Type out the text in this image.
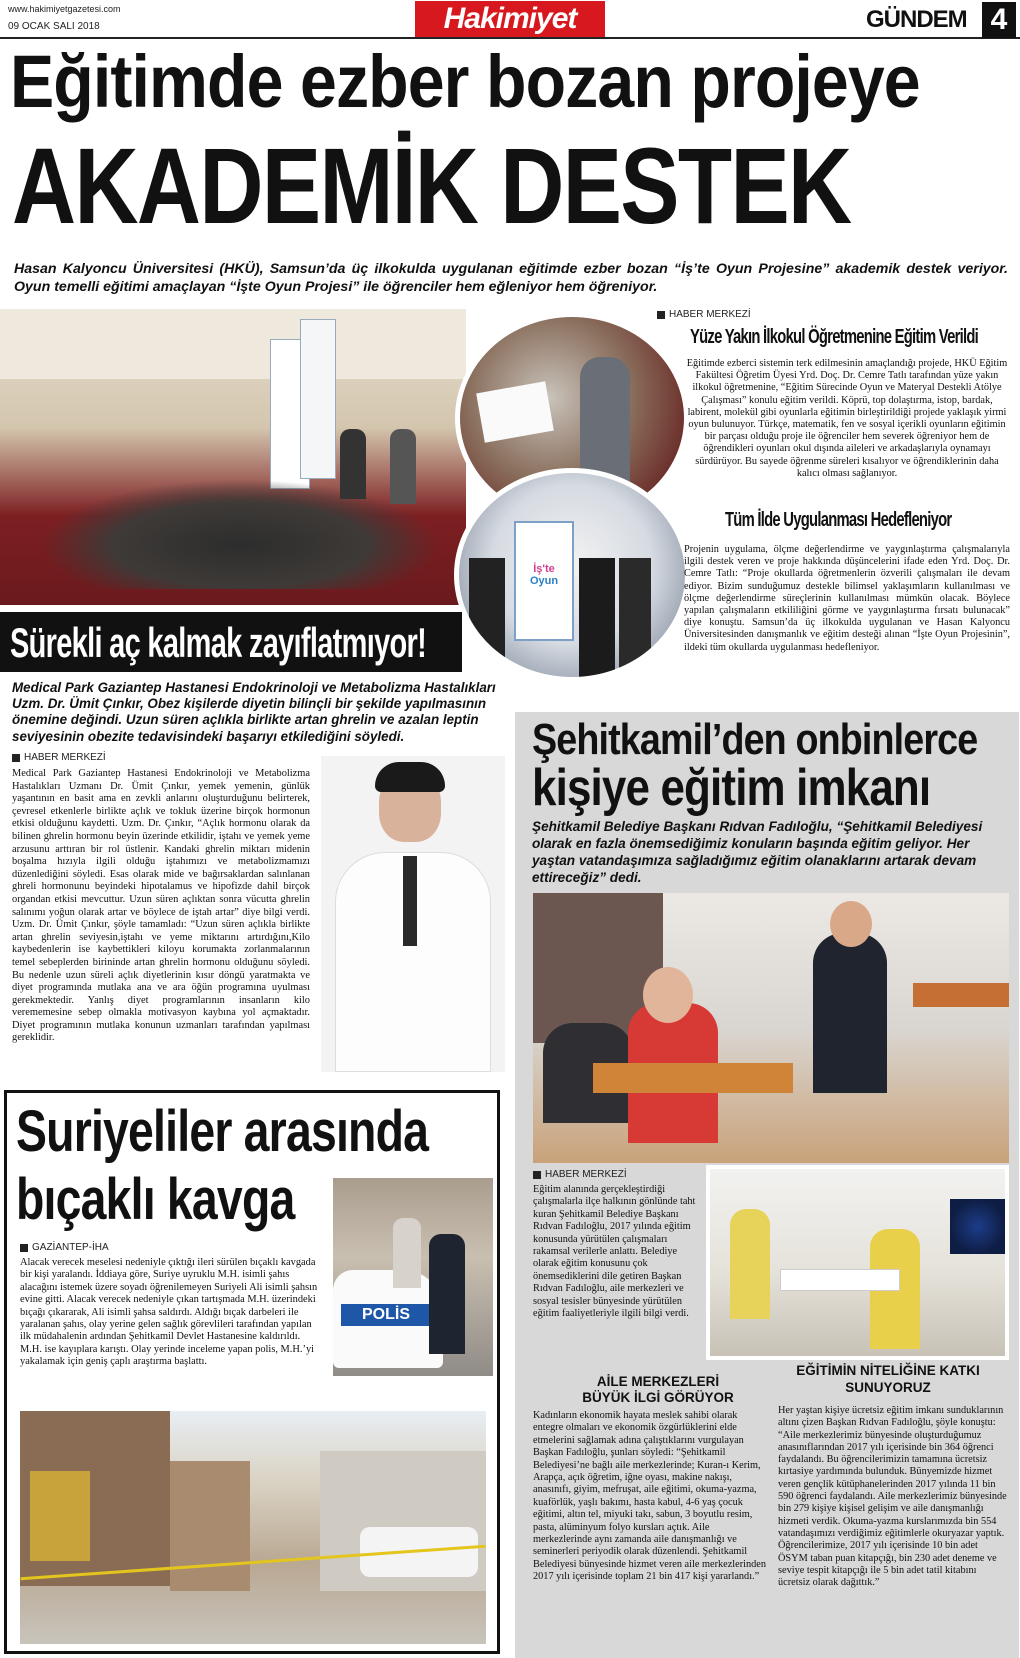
www.hakimiyetgazetesi.com
09 OCAK SALI 2018	Hakimiyet	GÜNDEM 4
Eğitimde ezber bozan projeye
AKADEMİK DESTEK
Hasan Kalyoncu Üniversitesi (HKÜ), Samsun’da üç ilkokulda uygulanan eğitimde ezber bozan “İş’te Oyun Projesine” akademik destek veriyor. Oyun temelli eğitimi amaçlayan “İşte Oyun Projesi” ile öğrenciler hem eğleniyor hem öğreniyor.
İş'te
Oyun
HABER MERKEZİ
Yüze Yakın İlkokul Öğretmenine Eğitim Verildi
Eğitimde ezberci sistemin terk edilmesinin amaçlandığı projede, HKÜ Eğitim Fakültesi Öğretim Üyesi Yrd. Doç. Dr. Cemre Tatlı tarafından yüze yakın ilkokul öğretmenine, “Eğitim Sürecinde Oyun ve Materyal Destekli Atölye Çalışması” konulu eğitim verildi. Köprü, top dolaştırma, istop, bardak, labirent, molekül gibi oyunlarla eğitimin birleştirildiği projede yaklaşık yirmi oyun bulunuyor. Türkçe, matematik, fen ve sosyal içerikli oyunların eğitimin bir parçası olduğu proje ile öğrenciler hem severek öğreniyor hem de öğrendikleri oyunları okul dışında aileleri ve arkadaşlarıyla oynamayı sürdürüyor. Bu sayede öğrenme süreleri kısalıyor ve öğrendiklerinin daha kalıcı olması sağlanıyor.
Tüm İlde Uygulanması Hedefleniyor
Projenin uygulama, ölçme değerlendirme ve yaygınlaştırma çalışmalarıyla ilgili destek veren ve proje hakkında düşüncelerini ifade eden Yrd. Doç. Dr. Cemre Tatlı: “Proje okullarda öğretmenlerin özverili çalışmaları ile devam ediyor. Bizim sunduğumuz destekle bilimsel yaklaşımların kullanılması ve ölçme değerlendirme süreçlerinin kullanılması mümkün olacak. Böylece yapılan çalışmaların etkililiğini görme ve yaygınlaştırma fırsatı bulunacak” diye konuştu. Samsun’da üç ilkokulda uygulanan ve Hasan Kalyoncu Üniversitesinden danışmanlık ve eğitim desteği alınan “İşte Oyun Projesinin”, ildeki tüm okullarda uygulanması hedefleniyor.
Sürekli aç kalmak zayıflatmıyor!
Medical Park Gaziantep Hastanesi Endokrinoloji ve Metabolizma Hastalıkları Uzm. Dr. Ümit Çınkır, Obez kişilerde diyetin bilinçli bir şekilde yapılmasının önemine değindi. Uzun süren açlıkla birlikte artan ghrelin ve azalan leptin seviyesinin obezite tedavisindeki başarıyı etkilediğini söyledi.
HABER MERKEZİ
Medical Park Gaziantep Hastanesi Endokrinoloji ve Metabolizma Hastalıkları Uzmanı Dr. Ümit Çınkır, yemek yemenin, günlük yaşantının en basit ama en zevkli anlarını oluşturduğunu belirterek, çevresel etkenlerle birlikte açlık ve tokluk üzerine birçok hormonun etkisi olduğunu kaydetti. Uzm. Dr. Çınkır, “Açlık hormonu olarak da bilinen ghrelin hormonu beyin üzerinde etkilidir, iştahı ve yemek yeme arzusunu arttıran bir rol üstlenir. Kandaki ghrelin miktarı midenin boşalma hızıyla ilgili olduğu iştahımızı ve metabolizmamızı düzenlediğini söyledi. Esas olarak mide ve bağırsaklardan salınlanan ghreli hormonunu beyindeki hipotalamus ve hipofizde dahil birçok organdan etkisi mevcuttur. Uzun süren açlıktan sonra vücutta ghrelin salınımı yoğun olarak artar ve böylece de iştah artar” diye bilgi verdi. Uzm. Dr. Ümit Çınkır, şöyle tamamladı: “Uzun süren açlıkla birlikte artan ghrelin seviyesin,iştahı ve yeme miktarını artırdığını,Kilo kaybedenlerin ise kaybettikleri kiloyu korumakta zorlanmalarının temel sebeplerden birininde artan ghrelin hormonu olduğunu söyledi. Bu nedenle uzun süreli açlık diyetlerinin kısır döngü yaratmakta ve diyet programında mutlaka ana ve ara öğün programına uyulması gerekmektedir. Yanlış diyet programlarının insanların kilo verememesine sebep olmakla motivasyon kaybına yol açmaktadır. Diyet programının mutlaka konunun uzmanları tarafından yapılması gereklidir.
Suriyeliler arasında
bıçaklı kavga
GAZİANTEP-İHA
Alacak verecek meselesi nedeniyle çıktığı ileri sürülen bıçaklı kavgada bir kişi yaralandı. İddiaya göre, Suriye uyruklu M.H. isimli şahıs alacağını istemek üzere soyadı öğrenilemeyen Suriyeli Ali isimli şahsın evine gitti. Alacak verecek nedeniyle çıkan tartışmada M.H. üzerindeki bıçağı çıkararak, Ali isimli şahsa saldırdı. Aldığı bıçak darbeleri ile yaralanan şahıs, olay yerine gelen sağlık görevlileri tarafından yapılan ilk müdahalenin ardından Şehitkamil Devlet Hastanesine kaldırıldı. M.H. ise kayıplara karıştı. Olay yerinde inceleme yapan polis, M.H.’yi yakalamak için geniş çaplı araştırma başlattı.
POLİS
Şehitkamil’den onbinlerce
kişiye eğitim imkanı
Şehitkamil Belediye Başkanı Rıdvan Fadıloğlu, “Şehitkamil Belediyesi olarak en fazla önemsediğimiz konuların başında eğitim geliyor. Her yaştan vatandaşımıza sağladığımız eğitim olanaklarını artarak devam ettireceğiz” dedi.
HABER MERKEZİ
Eğitim alanında gerçekleştirdiği çalışmalarla ilçe halkının gönlünde taht kuran Şehitkamil Belediye Başkanı Rıdvan Fadıloğlu, 2017 yılında eğitim konusunda yürütülen çalışmaları rakamsal verilerle anlattı. Belediye olarak eğitim konusunu çok önemsediklerini dile getiren Başkan Rıdvan Fadıloğlu, aile merkezleri ve sosyal tesisler bünyesinde yürütülen eğitim faaliyetleriyle ilgili bilgi verdi.
AİLE MERKEZLERİ BÜYÜK İLGİ GÖRÜYOR
Kadınların ekonomik hayata meslek sahibi olarak entegre olmaları ve ekonomik özgürlüklerini elde etmelerini sağlamak adına çalıştıklarını vurgulayan Başkan Fadıloğlu, şunları söyledi: “Şehitkamil Belediyesi’ne bağlı aile merkezlerinde; Kuran-ı Kerim, Arapça, açık öğretim, iğne oyası, makine nakışı, anasınıfı, giyim, mefruşat, aile eğitimi, okuma-yazma, kuaförlük, yaşlı bakımı, hasta kabul, 4-6 yaş çocuk eğitimi, altın tel, miyuki takı, sabun, 3 boyutlu resim, pasta, alüminyum folyo kursları açtık. Aile merkezlerinde aynı zamanda aile danışmanlığı ve seminerleri periyodik olarak düzenlendi. Şehitkamil Belediyesi bünyesinde hizmet veren aile merkezlerinden 2017 yılı içerisinde toplam 21 bin 417 kişi yararlandı.”
EĞİTİMİN NİTELİĞİNE KATKI SUNUYORUZ
Her yaştan kişiye ücretsiz eğitim imkanı sunduklarının altını çizen Başkan Rıdvan Fadıloğlu, şöyle konuştu: “Aile merkezlerimiz bünyesinde oluşturduğumuz anasınıflarından 2017 yılı içerisinde bin 364 öğrenci faydalandı. Bu öğrencilerimizin tamamına ücretsiz kırtasiye yardımında bulunduk. Bünyemizde hizmet veren gençlik kütüphanelerinden 2017 yılında 11 bin 590 öğrenci faydalandı. Aile merkezlerimiz bünyesinde bin 279 kişiye kişisel gelişim ve aile danışmanlığı hizmeti verdik. Okuma-yazma kurslarımızda bin 554 vatandaşımızı verdiğimiz eğitimlerle okuryazar yaptık. Öğrencilerimize, 2017 yılı içerisinde 10 bin adet ÖSYM taban puan kitapçığı, bin 230 adet deneme ve seviye tespit kitapçığı ile 5 bin adet tatil kitabını ücretsiz olarak dağıttık.”
